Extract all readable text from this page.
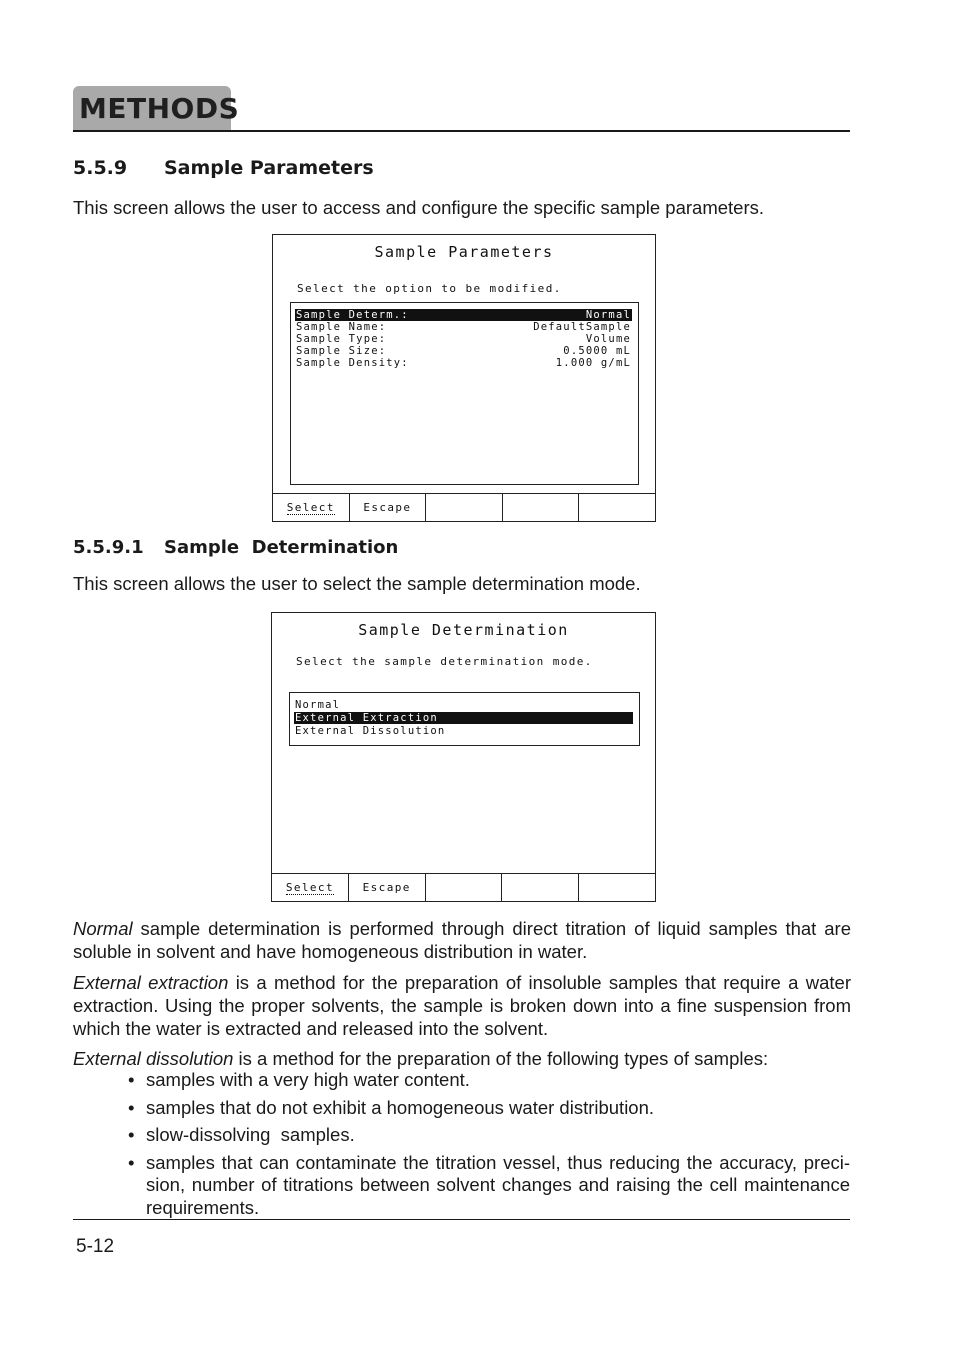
METHODS
5.5.9 Sample Parameters
This screen allows the user to access and configure the specific sample parameters.
Sample Parameters
Select the option to be modified.
Sample Determ.:	Normal
Sample Name:	DefaultSample
Sample Type:	Volume
Sample Size:	0.5000 mL
Sample Density:	1.000 g/mL
Select	Escape
5.5.9.1 Sample  Determination
This screen allows the user to select the sample determination mode.
Sample Determination
Select the sample determination mode.
Normal
External Extraction
External Dissolution
Select	Escape
Normal sample determination is performed through direct titration of liquid samples that are soluble in solvent and have homogeneous distribution in water.
External extraction is a method for the preparation of insoluble samples that require a water extraction. Using the proper solvents, the sample is broken down into a fine suspension from which the water is extracted and released into the solvent.
External dissolution is a method for the preparation of the following types of samples:
• samples with a very high water content.
• samples that do not exhibit a homogeneous water distribution.
• slow-dissolving  samples.
• samples that can contaminate the titration vessel, thus reducing the accuracy, preci-sion, number of titrations between solvent changes and raising the cell maintenance requirements.
5-12
